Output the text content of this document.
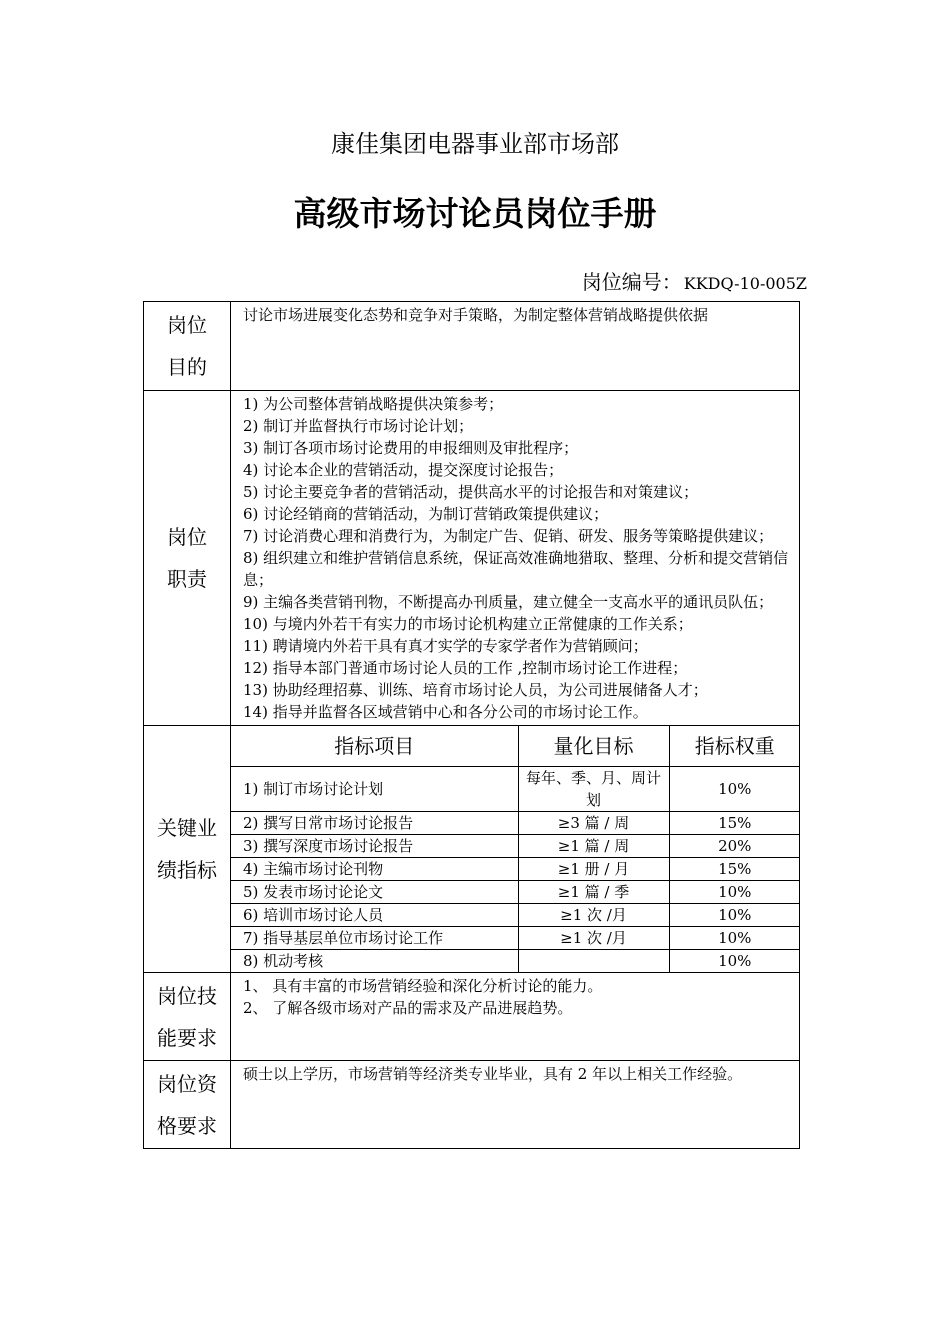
康佳集团电器事业部市场部
高级市场讨论员岗位手册
岗位编号： KKDQ-10-005Z
岗位
目的

讨论市场进展变化态势和竞争对手策略，为制定整体营销战略提供依据

岗位
职责

1) 为公司整体营销战略提供决策参考；
2) 制订并监督执行市场讨论计划；
3) 制订各项市场讨论费用的申报细则及审批程序；
4) 讨论本企业的营销活动，提交深度讨论报告；
5) 讨论主要竞争者的营销活动，提供高水平的讨论报告和对策建议；
6) 讨论经销商的营销活动，为制订营销政策提供建议；
7) 讨论消费心理和消费行为，为制定广告、促销、研发、服务等策略提供建议；
8) 组织建立和维护营销信息系统，保证高效准确地猎取、整理、分析和提交营销信息；
9) 主编各类营销刊物，不断提高办刊质量，建立健全一支高水平的通讯员队伍；
10) 与境内外若干有实力的市场讨论机构建立正常健康的工作关系；
11) 聘请境内外若干具有真才实学的专家学者作为营销顾问；
12) 指导本部门普通市场讨论人员的工作 ,控制市场讨论工作进程；
13) 协助经理招募、训练、培育市场讨论人员，为公司进展储备人才；
14) 指导并监督各区域营销中心和各分公司的市场讨论工作。

关键业
绩指标

指标项目	量化目标	指标权重
1) 制订市场讨论计划	每年、季、月、周计划	10%
2) 撰写日常市场讨论报告	≥3 篇 / 周	15%
3) 撰写深度市场讨论报告	≥1 篇 / 周	20%
4) 主编市场讨论刊物	≥1 册 / 月	15%
5) 发表市场讨论论文	≥1 篇 / 季	10%
6) 培训市场讨论人员	≥1 次 /月	10%
7) 指导基层单位市场讨论工作	≥1 次 /月	10%
8) 机动考核		10%

岗位技
能要求

1、 具有丰富的市场营销经验和深化分析讨论的能力。
2、 了解各级市场对产品的需求及产品进展趋势。

岗位资
格要求

硕士以上学历，市场营销等经济类专业毕业，具有 2 年以上相关工作经验。
